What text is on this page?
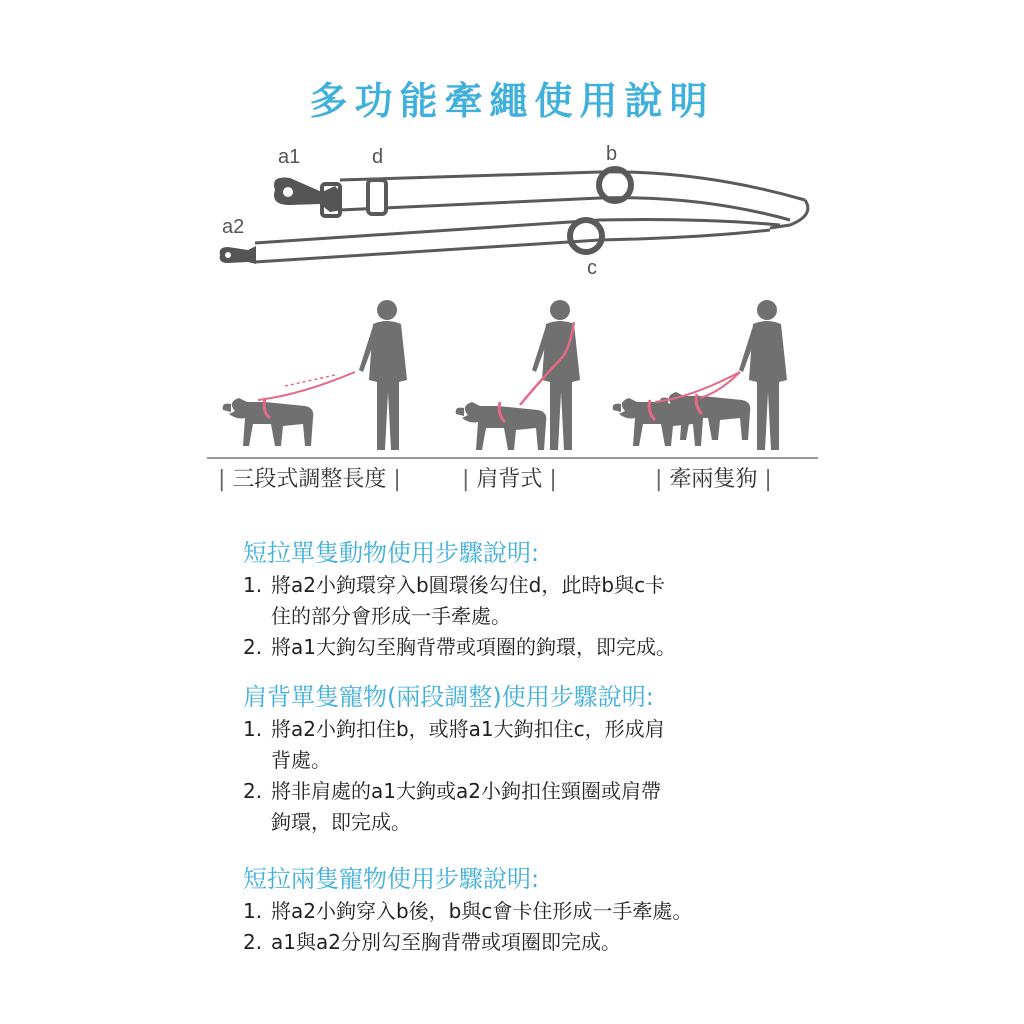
多功能牽繩使用說明
a1	d	b
a2
c
| 三段式調整長度 |	| 肩背式 |	| 牽兩隻狗 |
短拉單隻動物使用步驟說明:
1. 將a2小鉤環穿入b圓環後勾住d，此時b與c卡
住的部分會形成一手牽處。
2. 將a1大鉤勾至胸背帶或項圈的鉤環，即完成。
肩背單隻寵物(兩段調整)使用步驟說明:
1. 將a2小鉤扣住b，或將a1大鉤扣住c，形成肩
背處。
2. 將非肩處的a1大鉤或a2小鉤扣住頸圈或肩帶
鉤環，即完成。
短拉兩隻寵物使用步驟說明:
1. 將a2小鉤穿入b後，b與c會卡住形成一手牽處。
2. a1與a2分別勾至胸背帶或項圈即完成。
